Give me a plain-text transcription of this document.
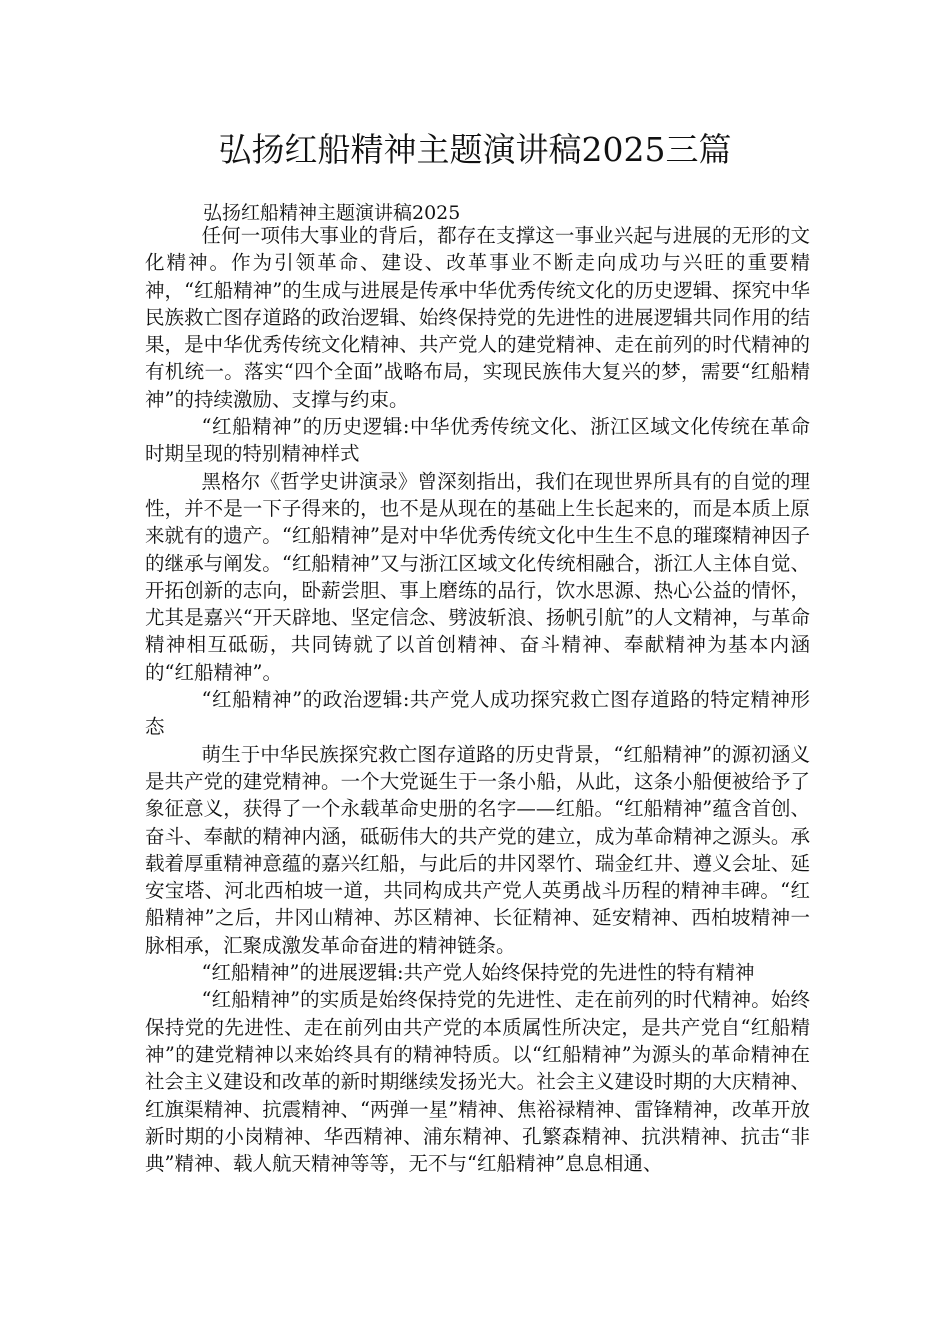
弘扬红船精神主题演讲稿2025三篇
弘扬红船精神主题演讲稿2025

任何一项伟大事业的背后，都存在支撑这一事业兴起与进展的无形的文化精神。作为引领革命、建设、改革事业不断走向成功与兴旺的重要精神，“红船精神”的生成与进展是传承中华优秀传统文化的历史逻辑、探究中华民族救亡图存道路的政治逻辑、始终保持党的先进性的进展逻辑共同作用的结果，是中华优秀传统文化精神、共产党人的建党精神、走在前列的时代精神的有机统一。落实“四个全面”战略布局，实现民族伟大复兴的梦，需要“红船精神”的持续激励、支撑与约束。

“红船精神”的历史逻辑:中华优秀传统文化、浙江区域文化传统在革命时期呈现的特别精神样式

黑格尔《哲学史讲演录》曾深刻指出，我们在现世界所具有的自觉的理性，并不是一下子得来的，也不是从现在的基础上生长起来的，而是本质上原来就有的遗产。“红船精神”是对中华优秀传统文化中生生不息的璀璨精神因子的继承与阐发。“红船精神”又与浙江区域文化传统相融合，浙江人主体自觉、开拓创新的志向，卧薪尝胆、事上磨练的品行，饮水思源、热心公益的情怀，尤其是嘉兴“开天辟地、坚定信念、劈波斩浪、扬帆引航”的人文精神，与革命精神相互砥砺，共同铸就了以首创精神、奋斗精神、奉献精神为基本内涵的“红船精神”。

“红船精神”的政治逻辑:共产党人成功探究救亡图存道路的特定精神形态

萌生于中华民族探究救亡图存道路的历史背景，“红船精神”的源初涵义是共产党的建党精神。一个大党诞生于一条小船，从此，这条小船便被给予了象征意义，获得了一个永载革命史册的名字——红船。“红船精神”蕴含首创、奋斗、奉献的精神内涵，砥砺伟大的共产党的建立，成为革命精神之源头。承载着厚重精神意蕴的嘉兴红船，与此后的井冈翠竹、瑞金红井、遵义会址、延安宝塔、河北西柏坡一道，共同构成共产党人英勇战斗历程的精神丰碑。“红船精神”之后，井冈山精神、苏区精神、长征精神、延安精神、西柏坡精神一脉相承，汇聚成激发革命奋进的精神链条。

“红船精神”的进展逻辑:共产党人始终保持党的先进性的特有精神

“红船精神”的实质是始终保持党的先进性、走在前列的时代精神。始终保持党的先进性、走在前列由共产党的本质属性所决定，是共产党自“红船精神”的建党精神以来始终具有的精神特质。以“红船精神”为源头的革命精神在社会主义建设和改革的新时期继续发扬光大。社会主义建设时期的大庆精神、红旗渠精神、抗震精神、“两弹一星”精神、焦裕禄精神、雷锋精神，改革开放新时期的小岗精神、华西精神、浦东精神、孔繁森精神、抗洪精神、抗击“非典”精神、载人航天精神等等，无不与“红船精神”息息相通、
